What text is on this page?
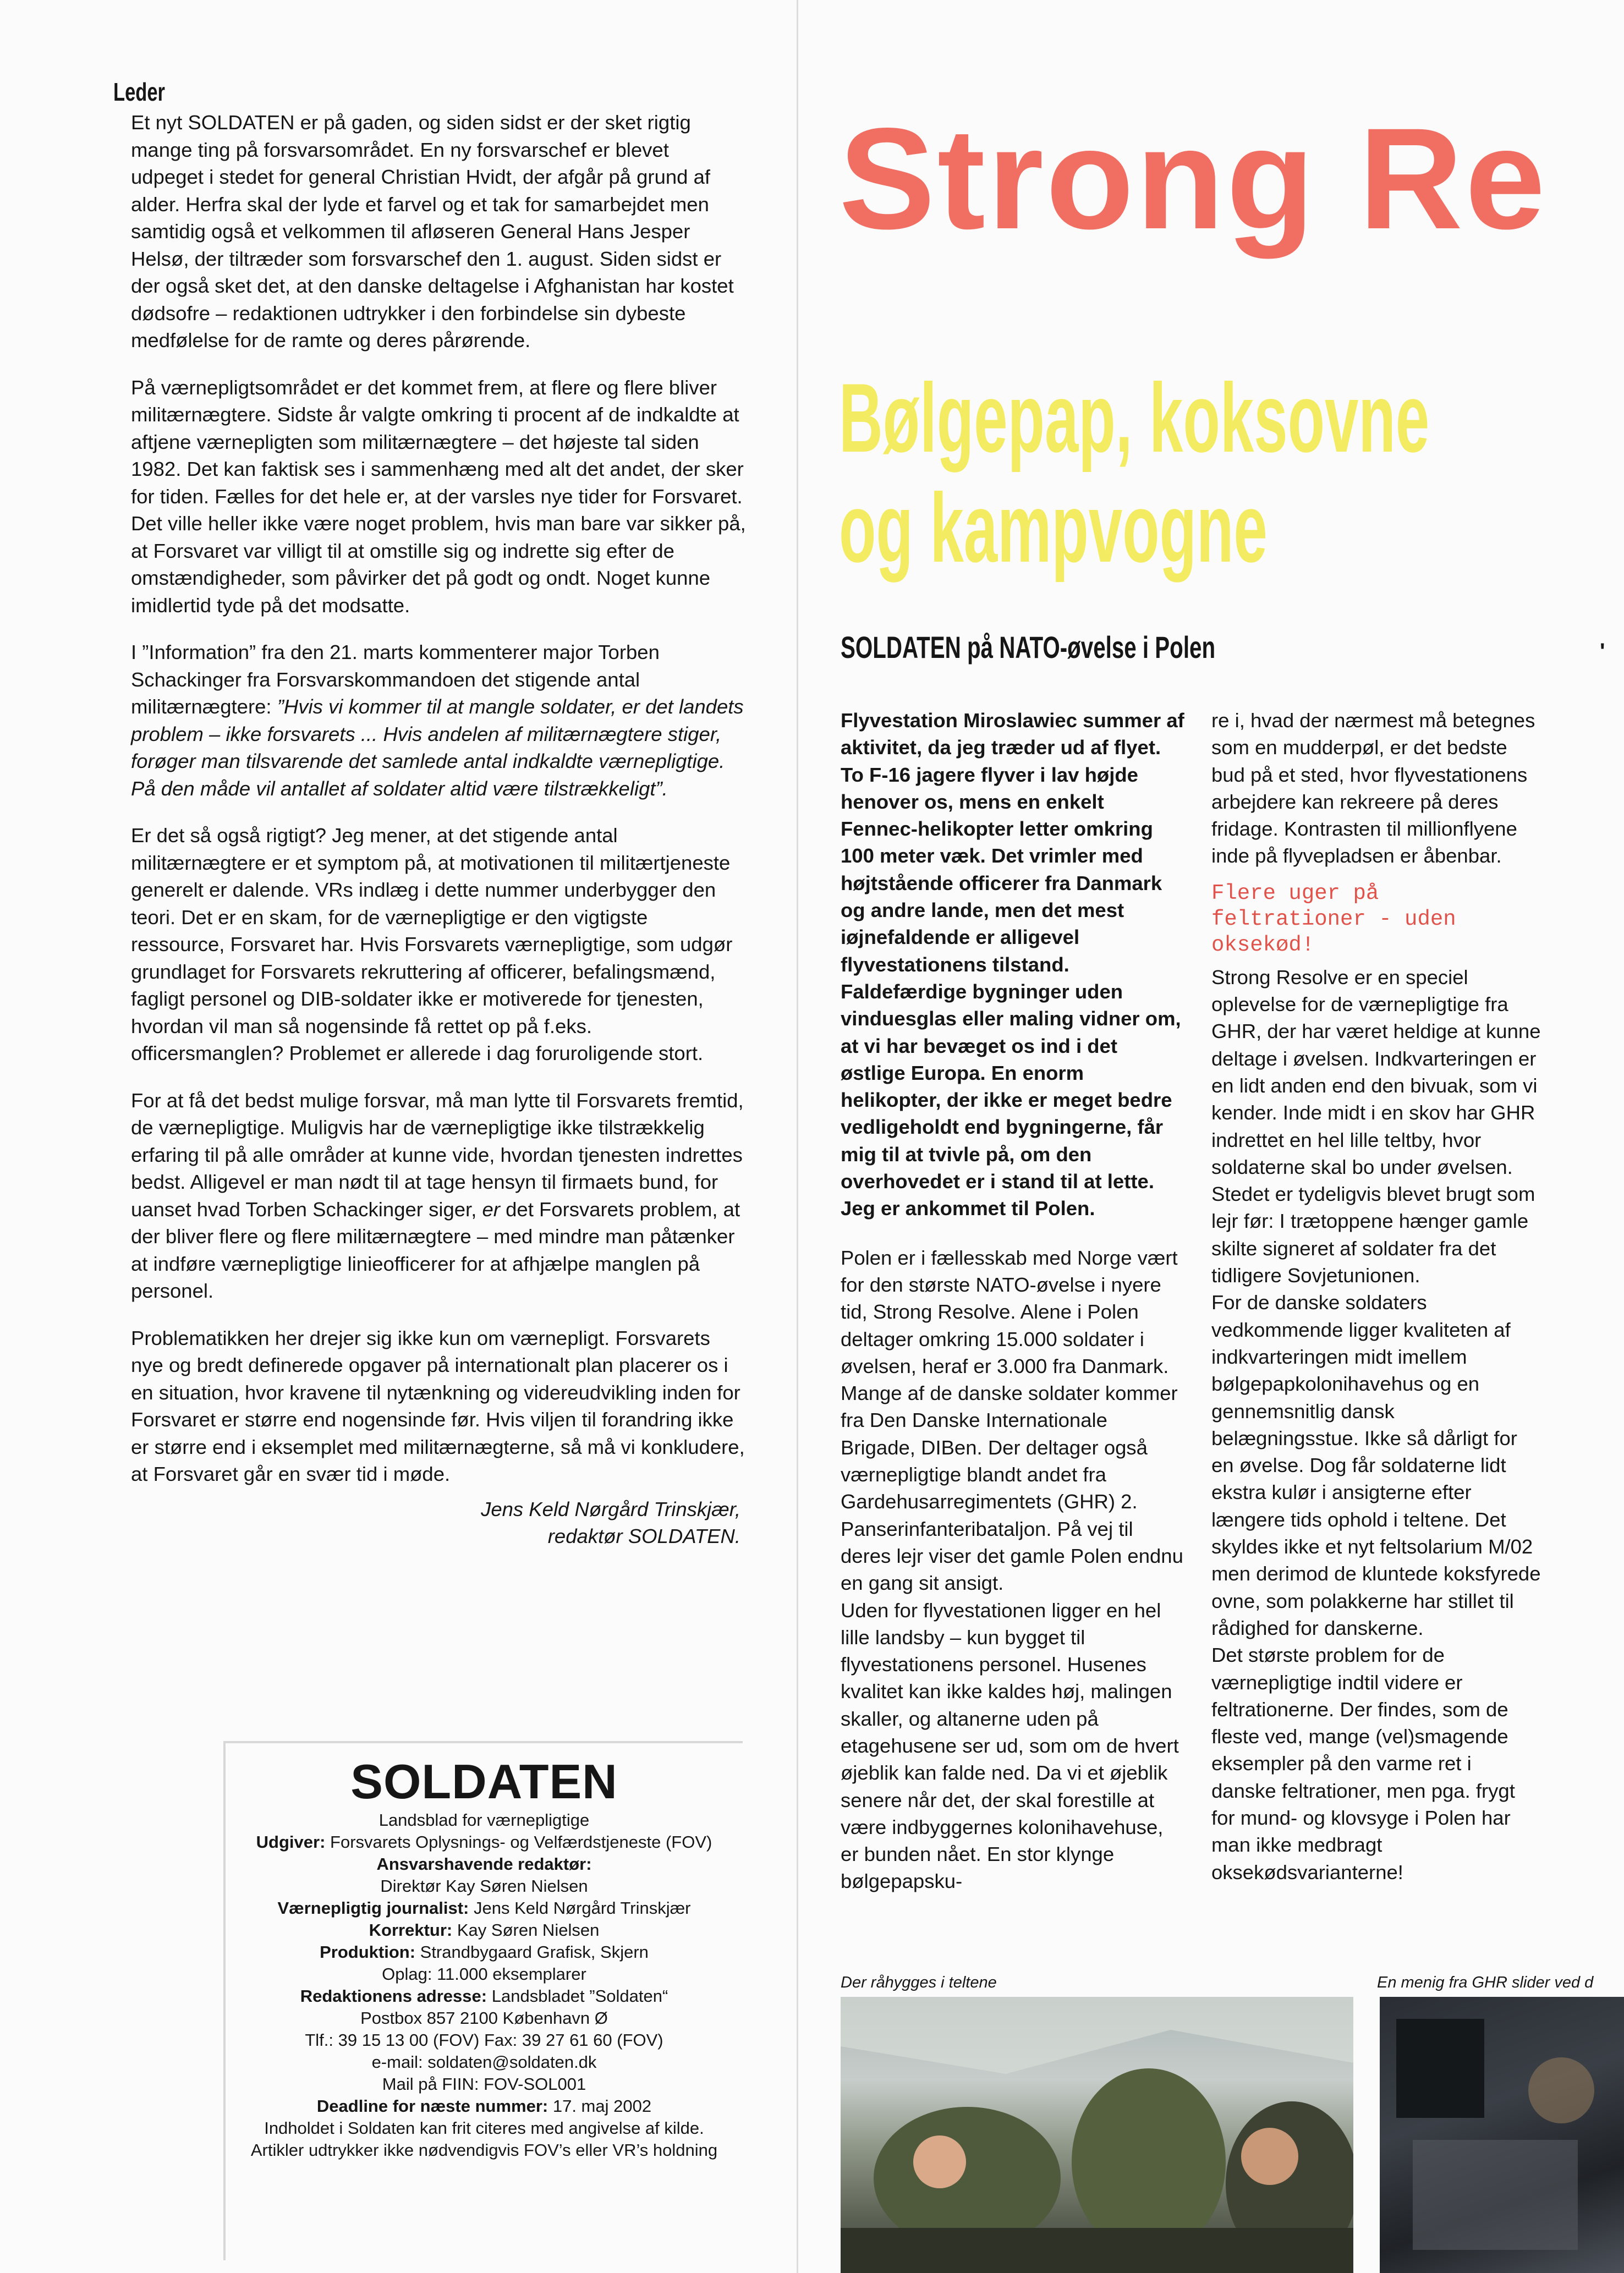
Leder

Et nyt SOLDATEN er på gaden, og siden sidst er der sket rigtig mange ting på forsvarsområdet. En ny forsvarschef er blevet udpeget i stedet for general Christian Hvidt, der afgår på grund af alder. Herfra skal der lyde et farvel og et tak for samarbejdet men samtidig også et velkommen til afløseren General Hans Jesper Helsø, der tiltræder som forsvarschef den 1. august. Siden sidst er der også sket det, at den danske deltagelse i Afghanistan har kostet dødsofre – redaktionen udtrykker i den forbindelse sin dybeste medfølelse for de ramte og deres pårørende.

På værnepligtsområdet er det kommet frem, at flere og flere bliver militærnægtere. Sidste år valgte omkring ti procent af de indkaldte at aftjene værnepligten som militærnægtere – det højeste tal siden 1982. Det kan faktisk ses i sammenhæng med alt det andet, der sker for tiden. Fælles for det hele er, at der varsles nye tider for Forsvaret. Det ville heller ikke være noget problem, hvis man bare var sikker på, at Forsvaret var villigt til at omstille sig og indrette sig efter de omstændigheder, som påvirker det på godt og ondt. Noget kunne imidlertid tyde på det modsatte.

I ”Information” fra den 21. marts kommenterer major Torben Schackinger fra Forsvarskommandoen det stigende antal militærnægtere: ”Hvis vi kommer til at mangle soldater, er det landets problem – ikke forsvarets ... Hvis andelen af militærnægtere stiger, forøger man tilsvarende det samlede antal indkaldte værnepligtige. På den måde vil antallet af soldater altid være tilstrækkeligt”.

Er det så også rigtigt? Jeg mener, at det stigende antal militærnægtere er et symptom på, at motivationen til militærtjeneste generelt er dalende. VRs indlæg i dette nummer underbygger den teori. Det er en skam, for de værnepligtige er den vigtigste ressource, Forsvaret har. Hvis Forsvarets værnepligtige, som udgør grundlaget for Forsvarets rekruttering af officerer, befalingsmænd, fagligt personel og DIB-soldater ikke er motiverede for tjenesten, hvordan vil man så nogensinde få rettet op på f.eks. officersmanglen? Problemet er allerede i dag foruroligende stort.

For at få det bedst mulige forsvar, må man lytte til Forsvarets fremtid, de værnepligtige. Muligvis har de værnepligtige ikke tilstrækkelig erfaring til på alle områder at kunne vide, hvordan tjenesten indrettes bedst. Alligevel er man nødt til at tage hensyn til firmaets bund, for uanset hvad Torben Schackinger siger, er det Forsvarets problem, at der bliver flere og flere militærnægtere – med mindre man påtænker at indføre værnepligtige linieofficerer for at afhjælpe manglen på personel.

Problematikken her drejer sig ikke kun om værnepligt. Forsvarets nye og bredt definerede opgaver på internationalt plan placerer os i en situation, hvor kravene til nytænkning og videreudvikling inden for Forsvaret er større end nogensinde før. Hvis viljen til forandring ikke er større end i eksemplet med militærnægterne, så må vi konkludere, at Forsvaret går en svær tid i møde.

Jens Keld Nørgård Trinskjær,
redaktør SOLDATEN.
SOLDATEN

Landsblad for værnepligtige

Udgiver: Forsvarets Oplysnings- og Velfærdstjeneste (FOV)

Ansvarshavende redaktør:

Direktør Kay Søren Nielsen

Værnepligtig journalist: Jens Keld Nørgård Trinskjær

Korrektur: Kay Søren Nielsen

Produktion: Strandbygaard Grafisk, Skjern

Oplag: 11.000 eksemplarer

Redaktionens adresse: Landsbladet ”Soldaten“

Postbox 857 2100 København Ø

Tlf.: 39 15 13 00 (FOV) Fax: 39 27 61 60 (FOV)

e-mail: soldaten@soldaten.dk

Mail på FIIN: FOV-SOL001

Deadline for næste nummer: 17. maj 2002

Indholdet i Soldaten kan frit citeres med angivelse af kilde.

Artikler udtrykker ikke nødvendigvis FOV’s eller VR’s holdning

Strong Re
Bølgepap, koksovne
og kampvogne
SOLDATEN på NATO-øvelse i Polen	'

Flyvestation Miroslawiec summer af aktivitet, da jeg træder ud af flyet. To F-16 jagere flyver i lav højde henover os, mens en enkelt Fennec-helikopter letter omkring 100 meter væk. Det vrimler med højtstående officerer fra Danmark og andre lande, men det mest iøjnefaldende er alligevel flyvestationens tilstand. Faldefærdige bygninger uden vinduesglas eller maling vidner om, at vi har bevæget os ind i det østlige Europa. En enorm helikopter, der ikke er meget bedre vedligeholdt end bygningerne, får mig til at tvivle på, om den overhovedet er i stand til at lette. Jeg er ankommet til Polen.

Polen er i fællesskab med Norge vært for den største NATO-øvelse i nyere tid, Strong Resolve. Alene i Polen deltager omkring 15.000 soldater i øvelsen, heraf er 3.000 fra Danmark. Mange af de danske soldater kommer fra Den Danske Internationale Brigade, DIBen. Der deltager også værnepligtige blandt andet fra Gardehusarregimentets (GHR) 2. Panserinfanteribataljon. På vej til deres lejr viser det gamle Polen endnu en gang sit ansigt.

Uden for flyvestationen ligger en hel lille landsby – kun bygget til flyvestationens personel. Husenes kvalitet kan ikke kaldes høj, malingen skaller, og altanerne uden på etagehusene ser ud, som om de hvert øjeblik kan falde ned. Da vi et øjeblik senere når det, der skal forestille at være indbyggernes kolonihavehuse, er bunden nået. En stor klynge bølgepapsku-

re i, hvad der nærmest må betegnes som en mudderpøl, er det bedste bud på et sted, hvor flyvestationens arbejdere kan rekreere på deres fridage. Kontrasten til millionflyene inde på flyvepladsen er åbenbar.

Flere uger på feltrationer - uden oksekød!

Strong Resolve er en speciel oplevelse for de værnepligtige fra GHR, der har været heldige at kunne deltage i øvelsen. Indkvarteringen er en lidt anden end den bivuak, som vi kender. Inde midt i en skov har GHR indrettet en hel lille teltby, hvor soldaterne skal bo under øvelsen.

Stedet er tydeligvis blevet brugt som lejr før: I trætoppene hænger gamle skilte signeret af soldater fra det tidligere Sovjetunionen.

For de danske soldaters vedkommende ligger kvaliteten af indkvarteringen midt imellem bølgepapkolonihavehus og en gennemsnitlig dansk belægningsstue. Ikke så dårligt for en øvelse. Dog får soldaterne lidt ekstra kulør i ansigterne efter længere tids ophold i teltene. Det skyldes ikke et nyt feltsolarium M/02 men derimod de kluntede koksfyrede ovne, som polakkerne har stillet til rådighed for danskerne.

Det største problem for de værnepligtige indtil videre er feltrationerne. Der findes, som de fleste ved, mange (vel)smagende eksempler på den varme ret i danske feltrationer, men pga. frygt for mund- og klovsyge i Polen har man ikke medbragt oksekødsvarianterne!

Der råhygges i teltene	En menig fra GHR slider ved d
